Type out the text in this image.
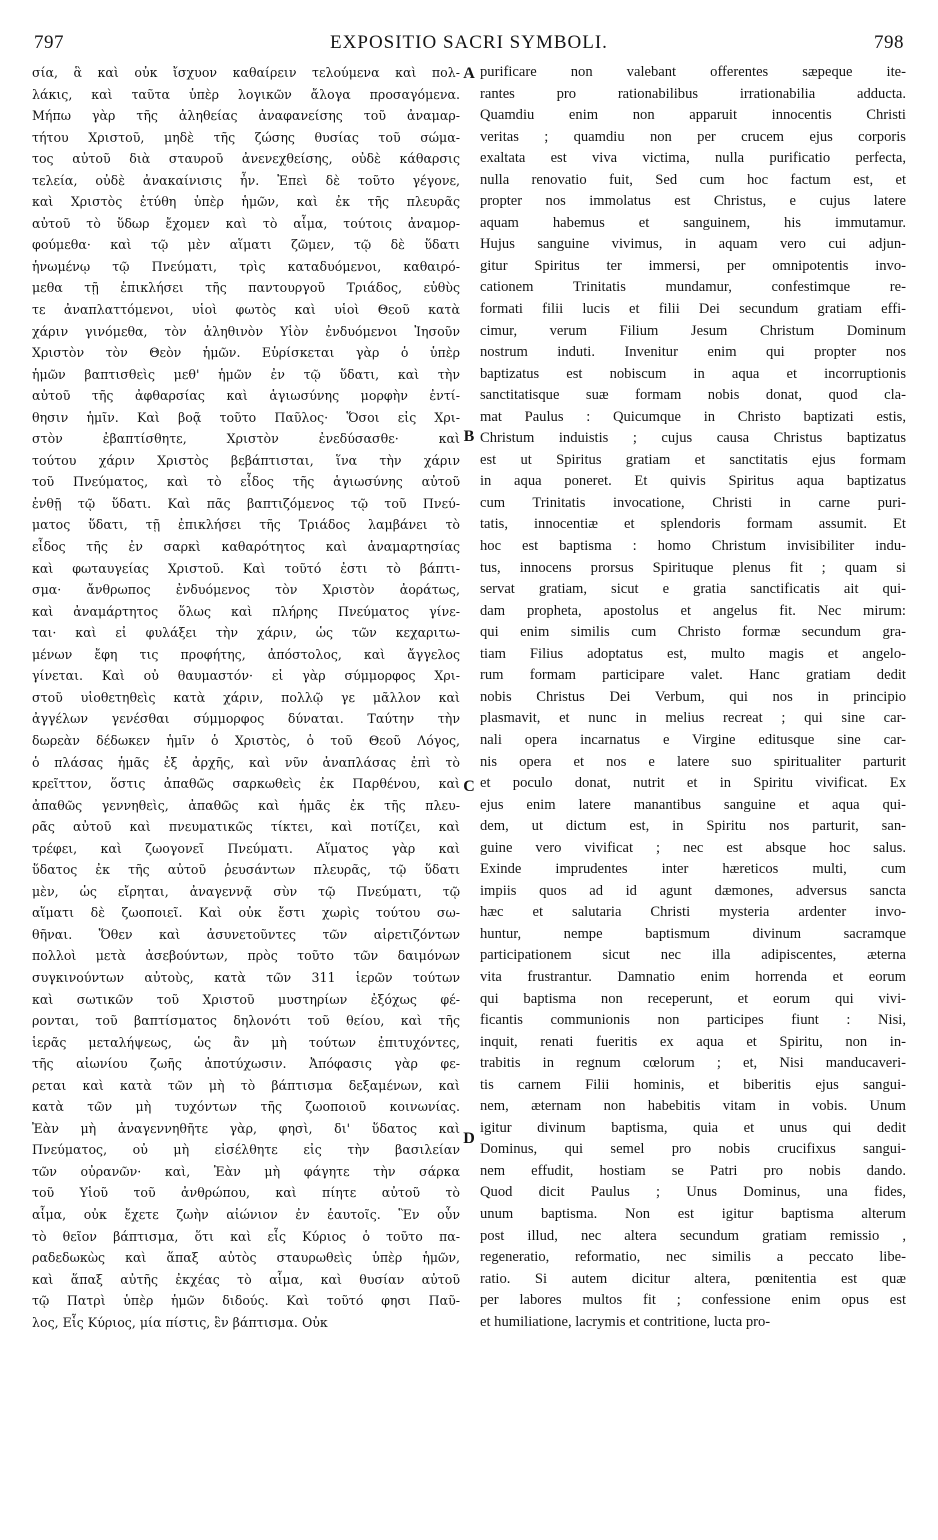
797	EXPOSITIO SACRI SYMBOLI.	798
σία, ἃ καὶ οὐκ ἴσχυον καθαίρειν τελούμενα καὶ πολ-
λάκις, καὶ ταῦτα ὑπὲρ λογικῶν ἄλογα προσαγόμενα.
Μήπω γὰρ τῆς ἀληθείας ἀναφανείσης τοῦ ἀναμαρ-
τήτου Χριστοῦ, μηδὲ τῆς ζώσης θυσίας τοῦ σώμα-
τος αὐτοῦ διὰ σταυροῦ ἀνενεχθείσης, οὐδὲ κάθαρσις
τελεία, οὐδὲ ἀνακαίνισις ἦν. Ἐπεὶ δὲ τοῦτο γέγονε,
καὶ Χριστὸς ἐτύθη ὑπὲρ ἡμῶν, καὶ ἐκ τῆς πλευρᾶς
αὐτοῦ τὸ ὕδωρ ἔχομεν καὶ τὸ αἷμα, τούτοις ἀναμορ-
φούμεθα· καὶ τῷ μὲν αἵματι ζῶμεν, τῷ δὲ ὕδατι
ἡνωμένῳ τῷ Πνεύματι, τρὶς καταδυόμενοι, καθαιρό-
μεθα τῇ ἐπικλήσει τῆς παντουργοῦ Τριάδος, εὐθὺς
τε ἀναπλαττόμενοι, υἱοὶ φωτὸς καὶ υἱοὶ Θεοῦ κατὰ
χάριν γινόμεθα, τὸν ἀληθινὸν Υἱὸν ἐνδυόμενοι Ἰησοῦν
Χριστὸν τὸν Θεὸν ἡμῶν. Εὑρίσκεται γὰρ ὁ ὑπὲρ
ἡμῶν βαπτισθεὶς μεθ' ἡμῶν ἐν τῷ ὕδατι, καὶ τὴν
αὐτοῦ τῆς ἀφθαρσίας καὶ ἁγιωσύνης μορφὴν ἐντί-
θησιν ἡμῖν. Καὶ βοᾷ τοῦτο Παῦλος· Ὅσοι εἰς Χρι-
στὸν ἐβαπτίσθητε, Χριστὸν ἐνεδύσασθε· καὶ
τούτου χάριν Χριστὸς βεβάπτισται, ἵνα τὴν χάριν
τοῦ Πνεύματος, καὶ τὸ εἶδος τῆς ἁγιωσύνης αὐτοῦ
ἐνθῇ τῷ ὕδατι. Καὶ πᾶς βαπτιζόμενος τῷ τοῦ Πνεύ-
ματος ὕδατι, τῇ ἐπικλήσει τῆς Τριάδος λαμβάνει τὸ
εἶδος τῆς ἐν σαρκὶ καθαρότητος καὶ ἀναμαρτησίας
καὶ φωταυγείας Χριστοῦ. Καὶ τοῦτό ἐστι τὸ βάπτι-
σμα· ἄνθρωπος ἐνδυόμενος τὸν Χριστὸν ἀοράτως,
καὶ ἀναμάρτητος ὅλως καὶ πλήρης Πνεύματος γίνε-
ται· καὶ εἰ φυλάξει τὴν χάριν, ὡς τῶν κεχαριτω-
μένων ἔφη τις προφήτης, ἀπόστολος, καὶ ἄγγελος
γίνεται. Καὶ οὐ θαυμαστόν· εἰ γὰρ σύμμορφος Χρι-
στοῦ υἱοθετηθεὶς κατὰ χάριν, πολλῷ γε μᾶλλον καὶ
ἀγγέλων γενέσθαι σύμμορφος δύναται. Ταύτην τὴν
δωρεὰν δέδωκεν ἡμῖν ὁ Χριστὸς, ὁ τοῦ Θεοῦ Λόγος,
ὁ πλάσας ἡμᾶς ἐξ ἀρχῆς, καὶ νῦν ἀναπλάσας ἐπὶ τὸ
κρεῖττον, ὅστις ἀπαθῶς σαρκωθεὶς ἐκ Παρθένου, καὶ
ἀπαθῶς γεννηθεὶς, ἀπαθῶς καὶ ἡμᾶς ἐκ τῆς πλευ-
ρᾶς αὐτοῦ καὶ πνευματικῶς τίκτει, καὶ ποτίζει, καὶ
τρέφει, καὶ ζωογονεῖ Πνεύματι. Αἵματος γὰρ καὶ
ὕδατος ἐκ τῆς αὐτοῦ ῥευσάντων πλευρᾶς, τῷ ὕδατι
μὲν, ὡς εἴρηται, ἀναγεννᾷ σὺν τῷ Πνεύματι, τῷ
αἵματι δὲ ζωοποιεῖ. Καὶ οὐκ ἔστι χωρὶς τούτου σω-
θῆναι. Ὅθεν καὶ ἀσυνετοῦντες τῶν αἱρετιζόντων
πολλοὶ μετὰ ἀσεβούντων, πρὸς τοῦτο τῶν δαιμόνων
συγκινούντων αὐτοὺς, κατὰ τῶν 311 ἱερῶν τούτων
καὶ σωτικῶν τοῦ Χριστοῦ μυστηρίων ἐξόχως φέ-
ρονται, τοῦ βαπτίσματος δηλονότι τοῦ θείου, καὶ τῆς
ἱερᾶς μεταλήψεως, ὡς ἂν μὴ τούτων ἐπιτυχόντες,
τῆς αἰωνίου ζωῆς ἀποτύχωσιν. Ἀπόφασις γὰρ φε-
ρεται καὶ κατὰ τῶν μὴ τὸ βάπτισμα δεξαμένων, καὶ
κατὰ τῶν μὴ τυχόντων τῆς ζωοποιοῦ κοινωνίας.
Ἐὰν μὴ ἀναγεννηθῆτε γὰρ, φησὶ, δι' ὕδατος καὶ
Πνεύματος, οὐ μὴ εἰσέλθητε εἰς τὴν βασιλείαν
τῶν οὐρανῶν· καὶ, Ἐὰν μὴ φάγητε τὴν σάρκα
τοῦ Υἱοῦ τοῦ ἀνθρώπου, καὶ πίητε αὐτοῦ τὸ
αἷμα, οὐκ ἔχετε ζωὴν αἰώνιον ἐν ἑαυτοῖς. Ἓν οὖν
τὸ θεῖον βάπτισμα, ὅτι καὶ εἷς Κύριος ὁ τοῦτο πα-
ραδεδωκὼς καὶ ἅπαξ αὐτὸς σταυρωθεὶς ὑπὲρ ἡμῶν,
καὶ ἅπαξ αὐτῆς ἐκχέας τὸ αἷμα, καὶ θυσίαν αὐτοῦ
τῷ Πατρὶ ὑπὲρ ἡμῶν διδούς. Καὶ τοῦτό φησι Παῦ-
λος, Εἷς Κύριος, μία πίστις, ἓν βάπτισμα. Οὐκ
purificare non valebant offerentes sæpeque ite-
rantes pro rationabilibus irrationabilia adducta.
Quamdiu enim non apparuit innocentis Christi
veritas ; quamdiu non per crucem ejus corporis
exaltata est viva victima, nulla purificatio perfecta,
nulla renovatio fuit, Sed cum hoc factum est, et
propter nos immolatus est Christus, e cujus latere
aquam habemus et sanguinem, his immutamur.
Hujus sanguine vivimus, in aquam vero cui adjun-
gitur Spiritus ter immersi, per omnipotentis invo-
cationem Trinitatis mundamur, confestimque re-
formati filii lucis et filii Dei secundum gratiam effi-
cimur, verum Filium Jesum Christum Dominum
nostrum induti. Invenitur enim qui propter nos
baptizatus est nobiscum in aqua et incorruptionis
sanctitatisque suæ formam nobis donat, quod cla-
mat Paulus : Quicumque in Christo baptizati estis,
Christum induistis ; cujus causa Christus baptizatus
est ut Spiritus gratiam et sanctitatis ejus formam
in aqua poneret. Et quivis Spiritus aqua baptizatus
cum Trinitatis invocatione, Christi in carne puri-
tatis, innocentiæ et splendoris formam assumit. Et
hoc est baptisma : homo Christum invisibiliter indu-
tus, innocens prorsus Spirituque plenus fit ; quam si
servat gratiam, sicut e gratia sanctificatis ait qui-
dam propheta, apostolus et angelus fit. Nec mirum:
qui enim similis cum Christo formæ secundum gra-
tiam Filius adoptatus est, multo magis et angelo-
rum formam participare valet. Hanc gratiam dedit
nobis Christus Dei Verbum, qui nos in principio
plasmavit, et nunc in melius recreat ; qui sine car-
nali opera incarnatus e Virgine editusque sine car-
nis opera et nos e latere suo spiritualiter parturit
et poculo donat, nutrit et in Spiritu vivificat. Ex
ejus enim latere manantibus sanguine et aqua qui-
dem, ut dictum est, in Spiritu nos parturit, san-
guine vero vivificat ; nec est absque hoc salus.
Exinde imprudentes inter hæreticos multi, cum
impiis quos ad id agunt dæmones, adversus sancta
hæc et salutaria Christi mysteria ardenter invo-
huntur, nempe baptismum divinum sacramque
participationem sicut nec illa adipiscentes, æterna
vita frustrantur. Damnatio enim horrenda et eorum
qui baptisma non receperunt, et eorum qui vivi-
ficantis communionis non participes fiunt : Nisi,
inquit, renati fueritis ex aqua et Spiritu, non in-
trabitis in regnum cœlorum ; et, Nisi manducaveri-
tis carnem Filii hominis, et biberitis ejus sangui-
nem, æternam non habebitis vitam in vobis. Unum
igitur divinum baptisma, quia et unus qui dedit
Dominus, qui semel pro nobis crucifixus sangui-
nem effudit, hostiam se Patri pro nobis dando.
Quod dicit Paulus ; Unus Dominus, una fides,
unum baptisma. Non est igitur baptisma alterum
post illud, nec altera secundum gratiam remissio ,
regeneratio, reformatio, nec similis a peccato libe-
ratio. Si autem dicitur altera, pœnitentia est quæ
per labores multos fit ; confessione enim opus est
et humiliatione, lacrymis et contritione, lucta pro-
A
B
C
D
